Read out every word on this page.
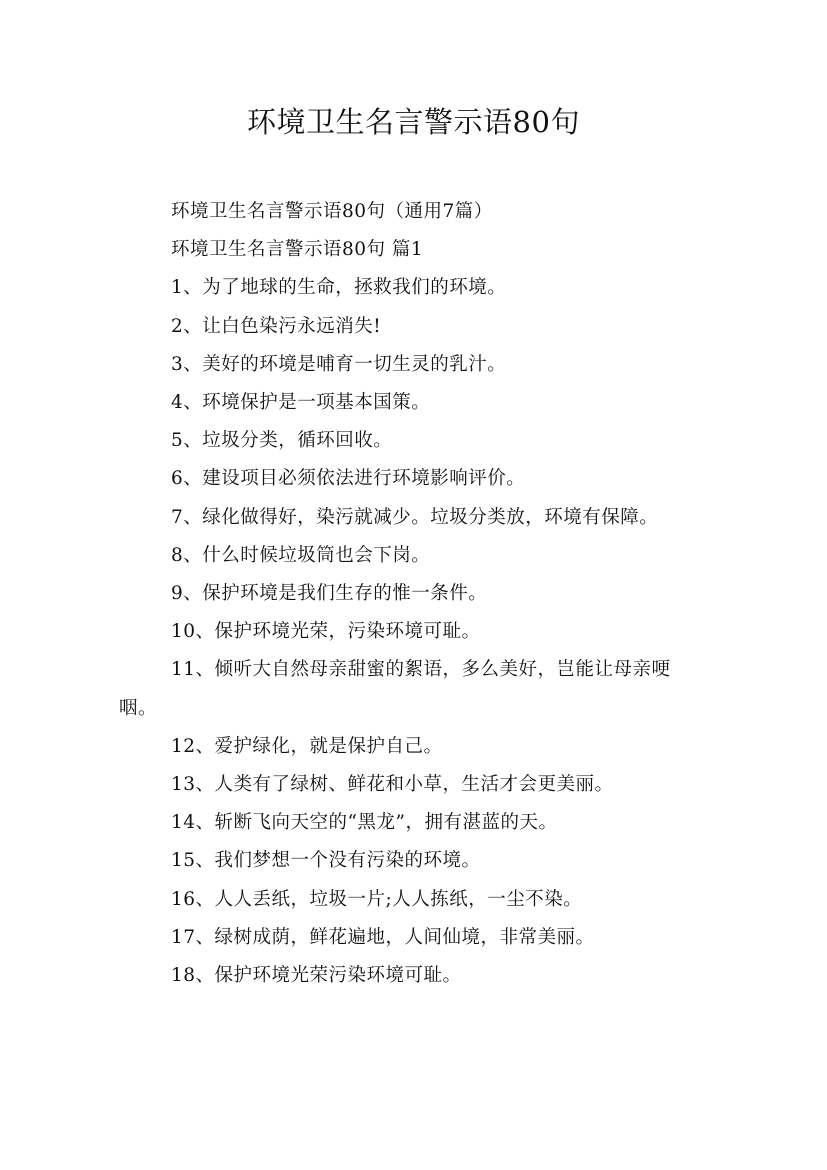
环境卫生名言警示语80句

环境卫生名言警示语80句（通用7篇）

环境卫生名言警示语80句 篇1

1、为了地球的生命，拯救我们的环境。

2、让白色染污永远消失!

3、美好的环境是哺育一切生灵的乳汁。

4、环境保护是一项基本国策。

5、垃圾分类，循环回收。

6、建设项目必须依法进行环境影响评价。

7、绿化做得好，染污就减少。垃圾分类放，环境有保障。

8、什么时候垃圾筒也会下岗。

9、保护环境是我们生存的惟一条件。

10、保护环境光荣，污染环境可耻。

11、倾听大自然母亲甜蜜的絮语，多么美好，岂能让母亲哽咽。

12、爱护绿化，就是保护自己。

13、人类有了绿树、鲜花和小草，生活才会更美丽。

14、斩断飞向天空的“黑龙”，拥有湛蓝的天。

15、我们梦想一个没有污染的环境。

16、人人丢纸，垃圾一片;人人拣纸，一尘不染。

17、绿树成荫，鲜花遍地，人间仙境，非常美丽。

18、保护环境光荣污染环境可耻。
